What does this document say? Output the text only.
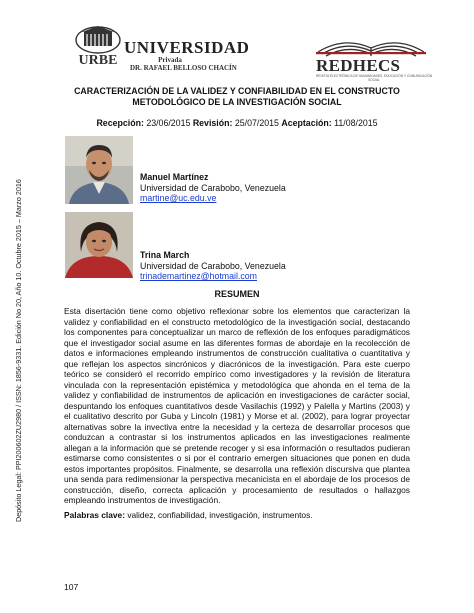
URBE
UNIVERSIDAD
Privada
DR. RAFAEL BELLOSO CHACÍN	REDHECS
REVISTA ELECTRÓNICA DE HUMANIDADES, EDUCACIÓN Y COMUNICACIÓN SOCIAL
Depósito Legal: PPI200602ZU2980 / ISSN: 1856-9331. Edición No 20, Año 10. Octubre 2015 – Marzo 2016
CARACTERIZACIÓN DE LA VALIDEZ Y CONFIABILIDAD EN EL CONSTRUCTO
METODOLÓGICO DE LA INVESTIGACIÓN SOCIAL
Recepción: 23/06/2015 Revisión: 25/07/2015 Aceptación: 11/08/2015
Manuel Martínez
Universidad de Carabobo, Venezuela
martine@uc.edu.ve
Trina March
Universidad de Carabobo, Venezuela
trinademartinez@hotmail.com
RESUMEN
Esta disertación tiene como objetivo reflexionar sobre los elementos que caracterizan la validez y confiabilidad en el constructo metodológico de la investigación social, destacando los componentes para conceptualizar un marco de reflexión de los enfoques paradigmáticos que el investigador social asume en las diferentes formas de abordaje en la recolección de datos e informaciones empleando instrumentos de construcción cualitativa o cuantitativa y que reflejan los aspectos sincrónicos y diacrónicos de la investigación. Para este cuerpo teórico se consideró el recorrido empírico como investigadores y la revisión de literatura vinculada con la representación epistémica y metodológica que ahonda en el tema de la validez y confiabilidad de instrumentos de aplicación en investigaciones de carácter social, despuntando los enfoques cuantitativos desde Vasilachis (1992) y Palella y Martins (2003) y el cualitativo descrito por Guba y Lincoln (1981) y Morse et al. (2002), para lograr proyectar alternativas sobre la invectiva entre la necesidad y la certeza de desarrollar procesos que conduzcan a contrastar si los instrumentos aplicados en las investigaciones realmente allegan a la información que se pretende recoger y si esa información o resultados pudieran estimarse como consistentes o si por el contrario emergen situaciones que ponen en duda estos importantes propósitos. Finalmente, se desarrolla una reflexión discursiva que plantea una senda para redimensionar la perspectiva mecanicista en el abordaje de los procesos de construcción, diseño, correcta aplicación y procesamiento de resultados o hallazgos empleando instrumentos de investigación.
Palabras clave: validez, confiabilidad, investigación, instrumentos.
107
